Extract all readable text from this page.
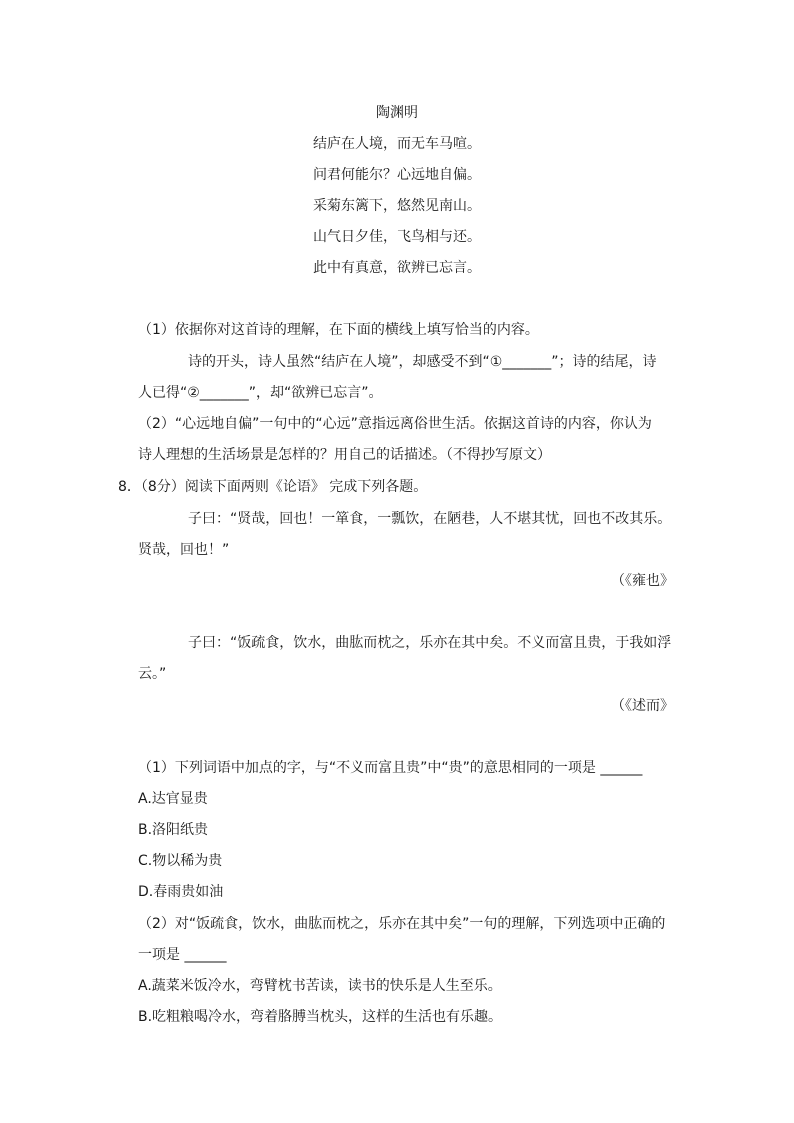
陶渊明
结庐在人境，而无车马喧。
问君何能尔？心远地自偏。
采菊东篱下，悠然见南山。
山气日夕佳，飞鸟相与还。
此中有真意，欲辨已忘言。
（1）依据你对这首诗的理解，在下面的横线上填写恰当的内容。
诗的开头，诗人虽然“结庐在人境”，却感受不到“①_______”；诗的结尾，诗
人已得“②_______”，却“欲辨已忘言”。
（2）“心远地自偏”一句中的“心远”意指远离俗世生活。依据这首诗的内容，你认为
诗人理想的生活场景是怎样的？用自己的话描述。（不得抄写原文）
8．（8分）阅读下面两则《论语》 完成下列各题。
子曰：“贤哉，回也！一箪食，一瓢饮，在陋巷，人不堪其忧，回也不改其乐。
贤哉，回也！”
（《雍也》
子曰：“饭疏食，饮水，曲肱而枕之，乐亦在其中矣。不义而富且贵，于我如浮
云。”
（《述而》
（1）下列词语中加点的字，与“不义而富且贵”中“贵”的意思相同的一项是 ______
A.达官显贵
B.洛阳纸贵
C.物以稀为贵
D.春雨贵如油
（2）对“饭疏食，饮水，曲肱而枕之，乐亦在其中矣”一句的理解，下列选项中正确的
一项是 ______
A.蔬菜米饭冷水，弯臂枕书苦读，读书的快乐是人生至乐。
B.吃粗粮喝冷水，弯着胳膊当枕头，这样的生活也有乐趣。
